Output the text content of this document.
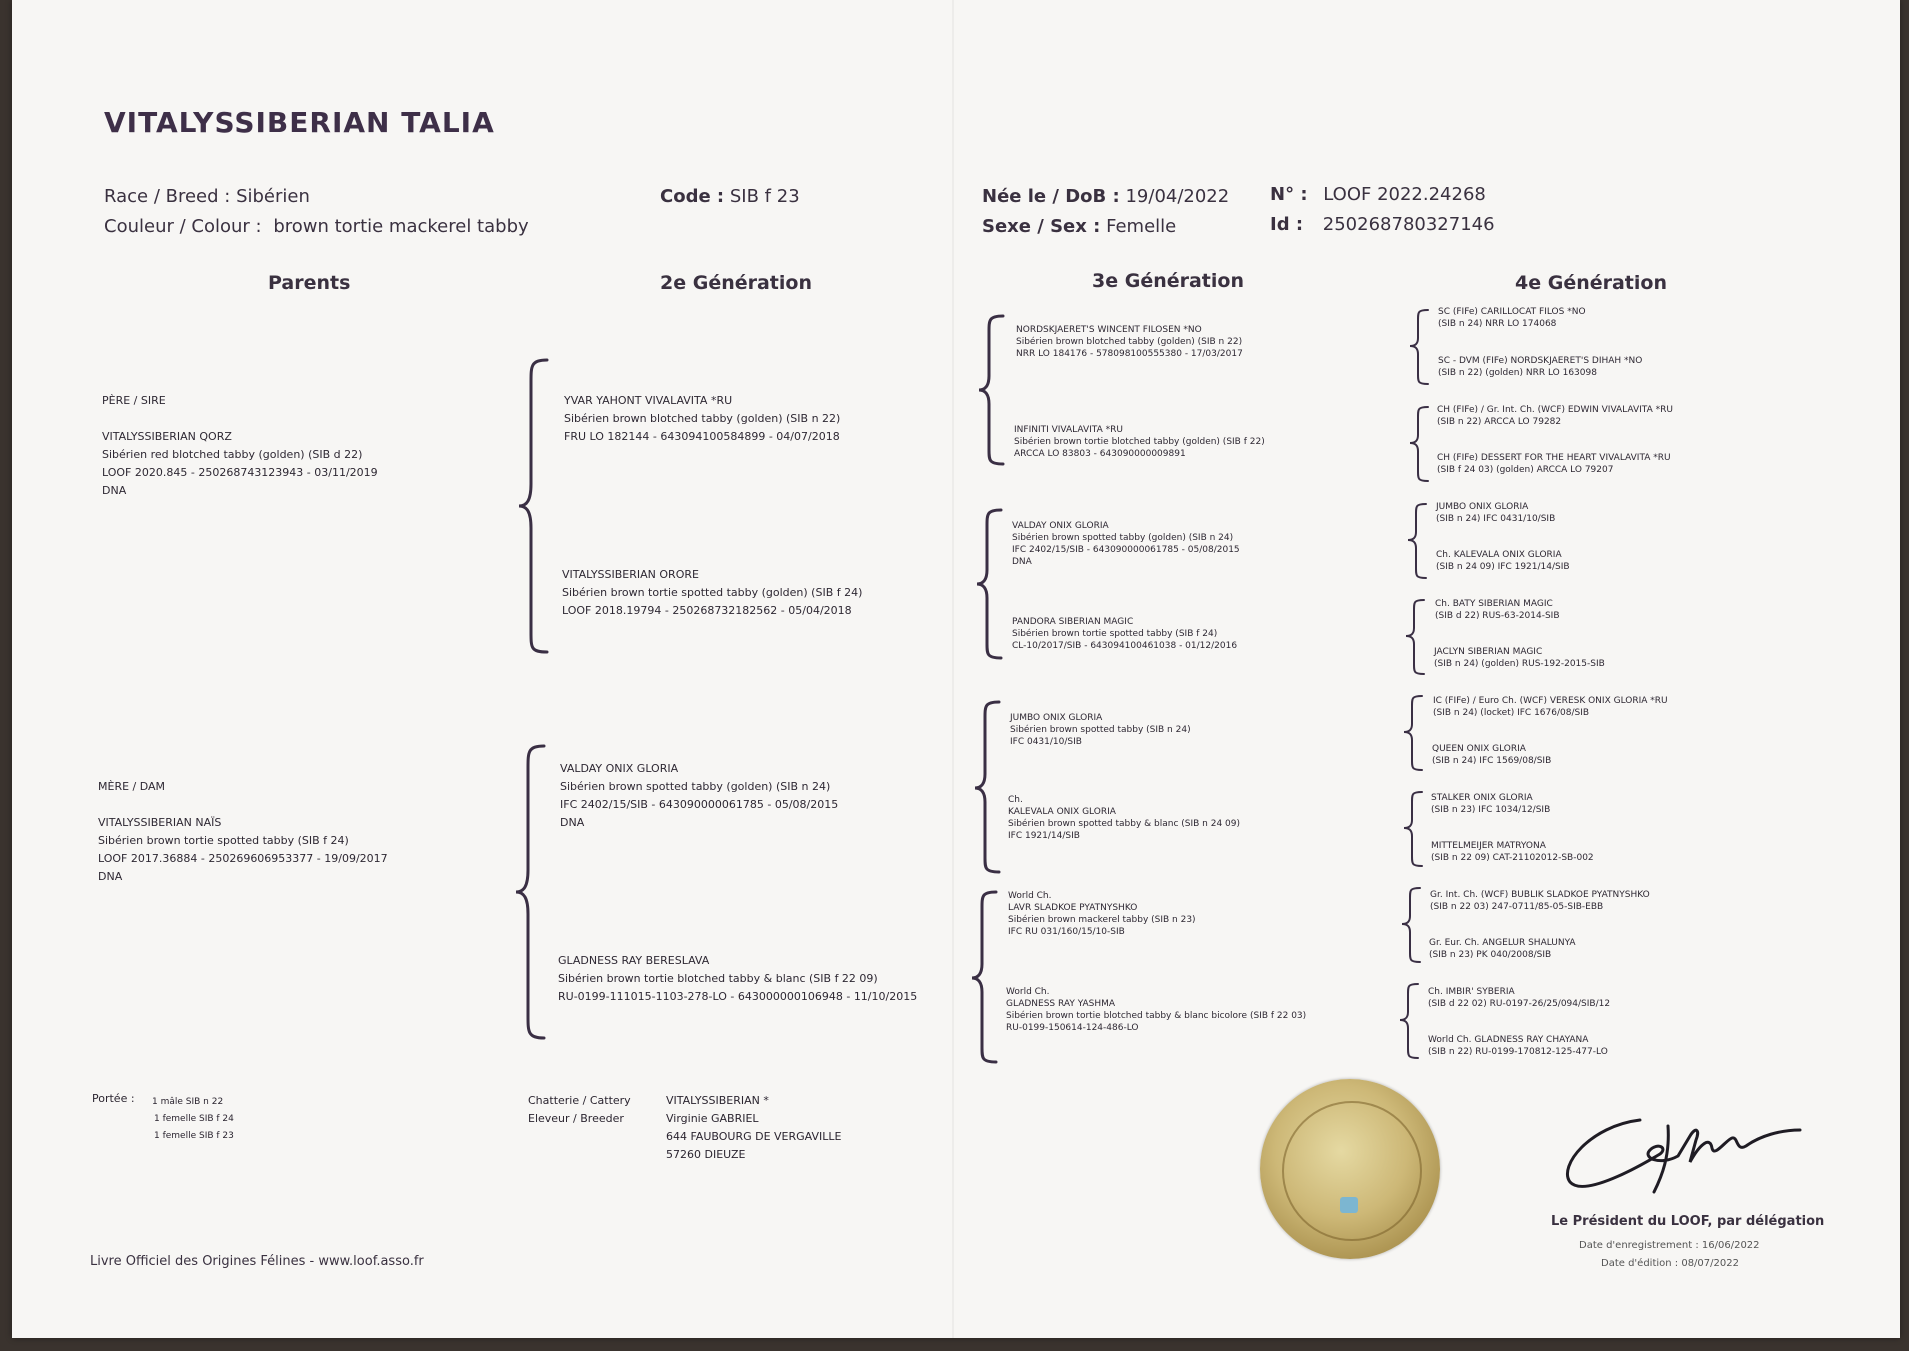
VITALYSSIBERIAN TALIA
Race / Breed : Sibérien
Couleur / Colour : brown tortie mackerel tabby
Code : SIB f 23	Née le / DoB : 19/04/2022
Sexe / Sex : Femelle
N° : LOOF 2022.24268
Id : 250268780327146
Parents	2e Génération	3e Génération	4e Génération
PÈRE / SIRE
VITALYSSIBERIAN QORZ
Sibérien red blotched tabby (golden) (SIB d 22)
LOOF 2020.845 - 250268743123943 - 03/11/2019
DNA
MÈRE / DAM
VITALYSSIBERIAN NAÏS
Sibérien brown tortie spotted tabby (SIB f 24)
LOOF 2017.36884 - 250269606953377 - 19/09/2017
DNA
YVAR YAHONT VIVALAVITA *RU
Sibérien brown blotched tabby (golden) (SIB n 22)
FRU LO 182144 - 643094100584899 - 04/07/2018
VITALYSSIBERIAN ORORE
Sibérien brown tortie spotted tabby (golden) (SIB f 24)
LOOF 2018.19794 - 250268732182562 - 05/04/2018
VALDAY ONIX GLORIA
Sibérien brown spotted tabby (golden) (SIB n 24)
IFC 2402/15/SIB - 643090000061785 - 05/08/2015
DNA
GLADNESS RAY BERESLAVA
Sibérien brown tortie blotched tabby & blanc (SIB f 22 09)
RU-0199-111015-1103-278-LO - 643000000106948 - 11/10/2015
NORDSKJAERET'S WINCENT FILOSEN *NO
Sibérien brown blotched tabby (golden) (SIB n 22)
NRR LO 184176 - 578098100555380 - 17/03/2017
INFINITI VIVALAVITA *RU
Sibérien brown tortie blotched tabby (golden) (SIB f 22)
ARCCA LO 83803 - 643090000009891
VALDAY ONIX GLORIA
Sibérien brown spotted tabby (golden) (SIB n 24)
IFC 2402/15/SIB - 643090000061785 - 05/08/2015
DNA
PANDORA SIBERIAN MAGIC
Sibérien brown tortie spotted tabby (SIB f 24)
CL-10/2017/SIB - 643094100461038 - 01/12/2016
JUMBO ONIX GLORIA
Sibérien brown spotted tabby (SIB n 24)
IFC 0431/10/SIB
Ch.
KALEVALA ONIX GLORIA
Sibérien brown spotted tabby & blanc (SIB n 24 09)
IFC 1921/14/SIB
World Ch.
LAVR SLADKOE PYATNYSHKO
Sibérien brown mackerel tabby (SIB n 23)
IFC RU 031/160/15/10-SIB
World Ch.
GLADNESS RAY YASHMA
Sibérien brown tortie blotched tabby & blanc bicolore (SIB f 22 03)
RU-0199-150614-124-486-LO
SC (FIFe) CARILLOCAT FILOS *NO
(SIB n 24) NRR LO 174068
SC - DVM (FIFe) NORDSKJAERET'S DIHAH *NO
(SIB n 22) (golden) NRR LO 163098
CH (FIFe) / Gr. Int. Ch. (WCF) EDWIN VIVALAVITA *RU
(SIB n 22) ARCCA LO 79282
CH (FIFe) DESSERT FOR THE HEART VIVALAVITA *RU
(SIB f 24 03) (golden) ARCCA LO 79207
JUMBO ONIX GLORIA
(SIB n 24) IFC 0431/10/SIB
Ch. KALEVALA ONIX GLORIA
(SIB n 24 09) IFC 1921/14/SIB
Ch. BATY SIBERIAN MAGIC
(SIB d 22) RUS-63-2014-SIB
JACLYN SIBERIAN MAGIC
(SIB n 24) (golden) RUS-192-2015-SIB
IC (FIFe) / Euro Ch. (WCF) VERESK ONIX GLORIA *RU
(SIB n 24) (locket) IFC 1676/08/SIB
QUEEN ONIX GLORIA
(SIB n 24) IFC 1569/08/SIB
STALKER ONIX GLORIA
(SIB n 23) IFC 1034/12/SIB
MITTELMEIJER MATRYONA
(SIB n 22 09) CAT-21102012-SB-002
Gr. Int. Ch. (WCF) BUBLIK SLADKOE PYATNYSHKO
(SIB n 22 03) 247-0711/85-05-SIB-EBB
Gr. Eur. Ch. ANGELUR SHALUNYA
(SIB n 23) PK 040/2008/SIB
Ch. IMBIR' SYBERIA
(SIB d 22 02) RU-0197-26/25/094/SIB/12
World Ch. GLADNESS RAY CHAYANA
(SIB n 22) RU-0199-170812-125-477-LO
Portée : 1 mâle SIB n 22
1 femelle SIB f 24
1 femelle SIB f 23
Chatterie / Cattery
Eleveur / Breeder
VITALYSSIBERIAN *
Virginie GABRIEL
644 FAUBOURG DE VERGAVILLE
57260 DIEUZE
Livre Officiel des Origines Félines - www.loof.asso.fr
Le Président du LOOF, par délégation
Date d'enregistrement : 16/06/2022
Date d'édition : 08/07/2022
